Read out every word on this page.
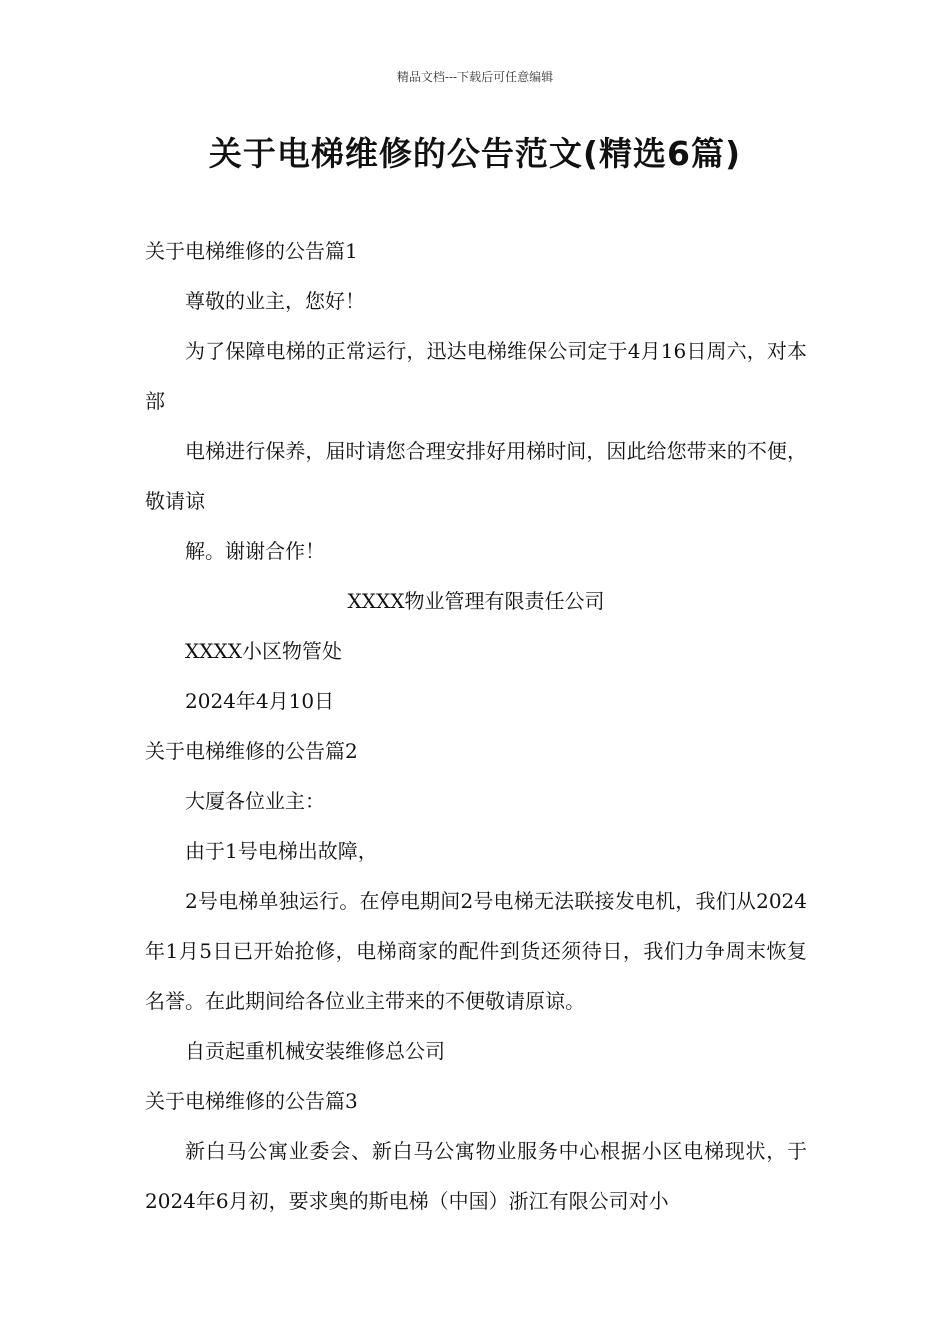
精品文档---下载后可任意编辑
关于电梯维修的公告范文(精选6篇)
关于电梯维修的公告篇1
尊敬的业主，您好！
为了保障电梯的正常运行，迅达电梯维保公司定于4月16日周六，对本部
电梯进行保养，届时请您合理安排好用梯时间，因此给您带来的不便，敬请谅
解。谢谢合作！
XXXX物业管理有限责任公司
XXXX小区物管处
2024年4月10日
关于电梯维修的公告篇2
大厦各位业主：
由于1号电梯出故障，
2号电梯单独运行。在停电期间2号电梯无法联接发电机，我们从2024年1月5日已开始抢修，电梯商家的配件到货还须待日，我们力争周末恢复名誉。在此期间给各位业主带来的不便敬请原谅。
自贡起重机械安装维修总公司
关于电梯维修的公告篇3
新白马公寓业委会、新白马公寓物业服务中心根据小区电梯现状，于2024年6月初，要求奥的斯电梯（中国）浙江有限公司对小
